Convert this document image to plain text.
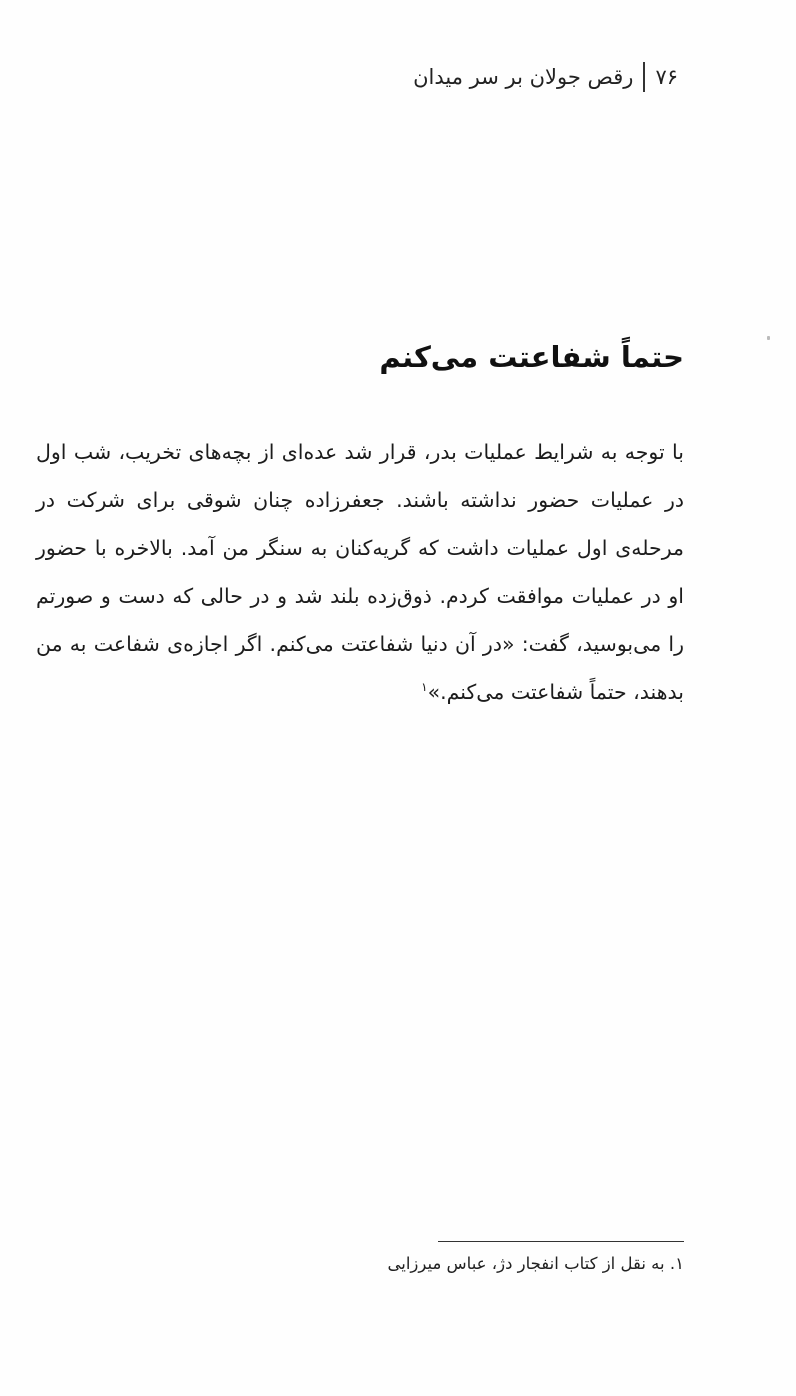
۷۶
رقص جولان بر سر میدان
حتماً شفاعتت می‌کنم

با توجه به شرایط عملیات بدر، قرار شد عده‌ای از بچه‌های تخریب، شب اول در عملیات حضور نداشته باشند. جعفرزاده چنان شوقی برای شرکت در مرحله‌ی اول عملیات داشت که گریه‌کنان به سنگر من آمد. بالاخره با حضور او در عملیات موافقت کردم. ذوق‌زده بلند شد و در حالی که دست و صورتم را می‌بوسید، گفت: «در آن دنیا شفاعتت می‌کنم. اگر اجازه‌ی شفاعت به من بدهند، حتماً شفاعتت می‌کنم.»$^۱$

۱. به نقل از کتاب انفجار دژ، عباس میرزایی
